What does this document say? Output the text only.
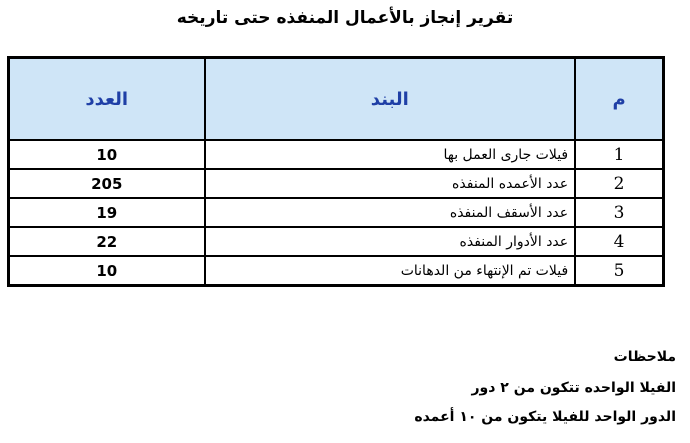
تقرير إنجاز بالأعمال المنفذه حتى تاريخه
العدد	البند	م
10	فيلات جارى العمل بها	1
205	عدد الأعمده المنفذه	2
19	عدد الأسقف المنفذه	3
22	عدد الأدوار المنفذه	4
10	فيلات تم الإنتهاء من الدهانات	5
ملاحظات
الفيلا الواحده تتكون من ٢ دور
الدور الواحد للفيلا يتكون من ١٠ أعمده
